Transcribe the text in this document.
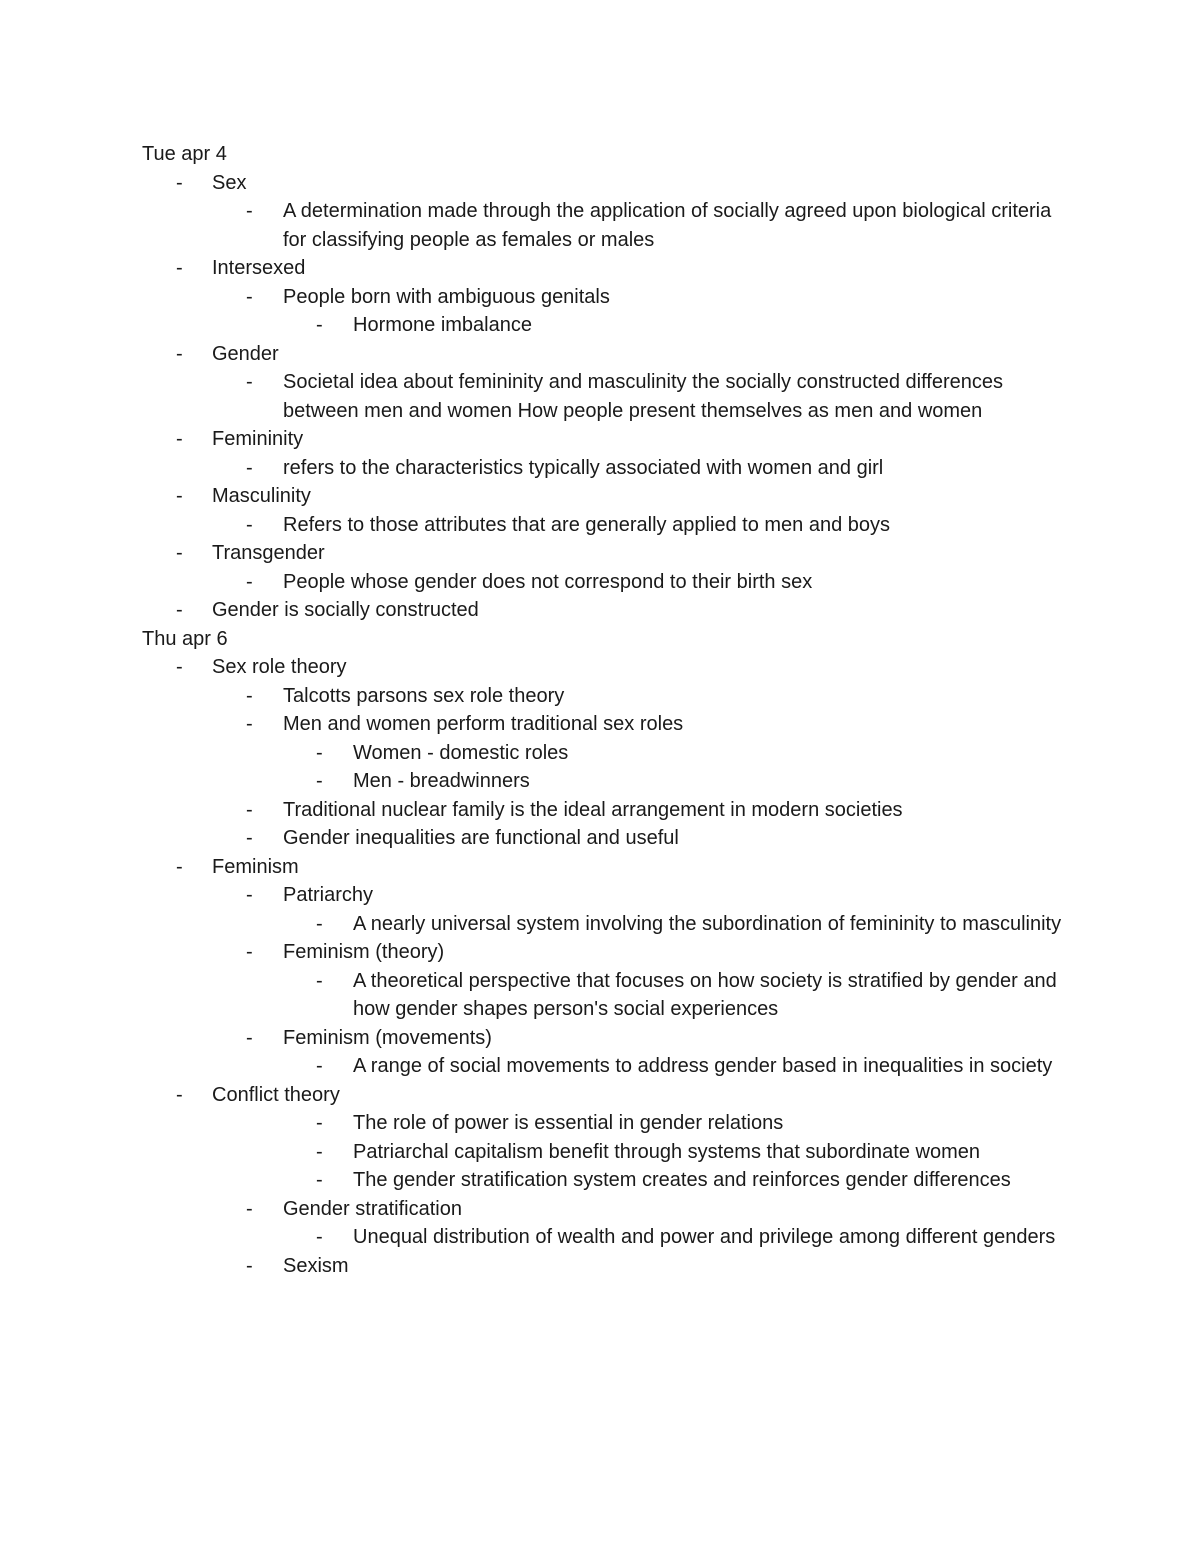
Tue apr 4
- Sex
- A determination made through the application of socially agreed upon biological criteria for classifying people as females or males
- Intersexed
- People born with ambiguous genitals
- Hormone imbalance
- Gender
- Societal idea about femininity and masculinity the socially constructed differences between men and women How people present themselves as men and women
- Femininity
- refers to the characteristics typically associated with women and girl
- Masculinity
- Refers to those attributes that are generally applied to men and boys
- Transgender
- People whose gender does not correspond to their birth sex
- Gender is socially constructed
Thu apr 6
- Sex role theory
- Talcotts parsons sex role theory
- Men and women perform traditional sex roles
- Women - domestic roles
- Men - breadwinners
- Traditional nuclear family is the ideal arrangement in modern societies
- Gender inequalities are functional and useful
- Feminism
- Patriarchy
- A nearly universal system involving the subordination of femininity to masculinity
- Feminism (theory)
- A theoretical perspective that focuses on how society is stratified by gender and how gender shapes person's social experiences
- Feminism (movements)
- A range of social movements to address gender based in inequalities in society
- Conflict theory
- The role of power is essential in gender relations
- Patriarchal capitalism benefit through systems that subordinate women
- The gender stratification system creates and reinforces gender differences
- Gender stratification
- Unequal distribution of wealth and power and privilege among different genders
- Sexism
